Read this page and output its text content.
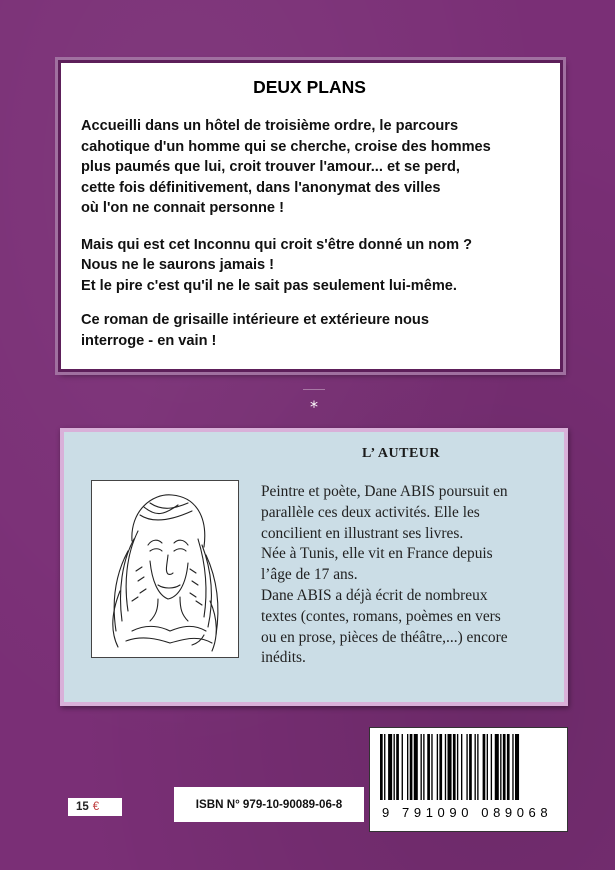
DEUX PLANS

Accueilli dans un hôtel de troisième ordre, le parcours
cahotique d'un homme qui se cherche, croise des hommes
plus paumés que lui, croit trouver l'amour... et se perd,
cette fois définitivement, dans l'anonymat des villes
où l'on ne connait personne !

Mais qui est cet Inconnu qui croit s'être donné un nom ?
Nous ne le saurons jamais !
Et le pire c'est qu'il ne le sait pas seulement lui-même.

Ce roman de grisaille intérieure et extérieure nous
interroge - en vain !

*
L’ AUTEUR
Peintre et poète, Dane ABIS poursuit en
parallèle ces deux activités. Elle les
concilient en illustrant ses livres.
Née à Tunis, elle vit en France depuis
l’âge de 17 ans.
Dane ABIS a déjà écrit de nombreux
textes (contes, romans, poèmes en vers
ou en prose, pièces de théâtre,...) encore
inédits.
15 €	ISBN N° 979-10-90089-06-8
9 791090 089068
